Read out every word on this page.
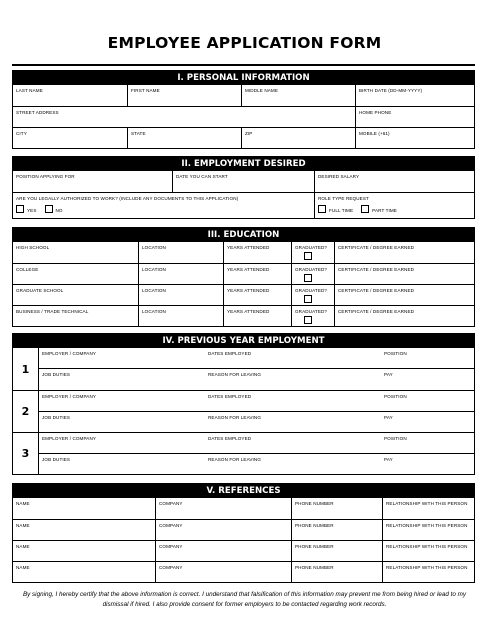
EMPLOYEE APPLICATION FORM
I. PERSONAL INFORMATION
LAST NAME	FIRST NAME	MIDDLE NAME	BIRTH DATE (DD-MM-YYYY)
STREET ADDRESS	HOME PHONE
CITY	STATE	ZIP	MOBILE (+61)
II. EMPLOYMENT DESIRED
POSITION APPLYING FOR	DATE YOU CAN START	DESIRED SALARY
ARE YOU LEGALLY AUTHORIZED TO WORK? (INCLUDE ANY DOCUMENTS TO THIS APPLICATION)
YES	NO
ROLE TYPE REQUEST
FULL TIME	PART TIME
III. EDUCATION
HIGH SCHOOL	LOCATION	YEARS ATTENDED	GRADUATED?	CERTIFICATE / DEGREE EARNED
COLLEGE	LOCATION	YEARS ATTENDED	GRADUATED?	CERTIFICATE / DEGREE EARNED
GRADUATE SCHOOL	LOCATION	YEARS ATTENDED	GRADUATED?	CERTIFICATE / DEGREE EARNED
BUSINESS / TRADE TECHNICAL	LOCATION	YEARS ATTENDED	GRADUATED?	CERTIFICATE / DEGREE EARNED
IV. PREVIOUS YEAR EMPLOYMENT
1
EMPLOYER / COMPANY	DATES EMPLOYED	POSITION
JOB DUTIES	REASON FOR LEAVING	PAY
2
EMPLOYER / COMPANY	DATES EMPLOYED	POSITION
JOB DUTIES	REASON FOR LEAVING	PAY
3
EMPLOYER / COMPANY	DATES EMPLOYED	POSITION
JOB DUTIES	REASON FOR LEAVING	PAY
V. REFERENCES
NAME	COMPANY	PHONE NUMBER	RELATIONSHIP WITH THIS PERSON
NAME	COMPANY	PHONE NUMBER	RELATIONSHIP WITH THIS PERSON
NAME	COMPANY	PHONE NUMBER	RELATIONSHIP WITH THIS PERSON
NAME	COMPANY	PHONE NUMBER	RELATIONSHIP WITH THIS PERSON
By signing, I hereby certify that the above information is correct. I understand that falsification of this information may prevent me from being hired or lead to my dismissal if hired. I also provide consent for former employers to be contacted regarding work records.
